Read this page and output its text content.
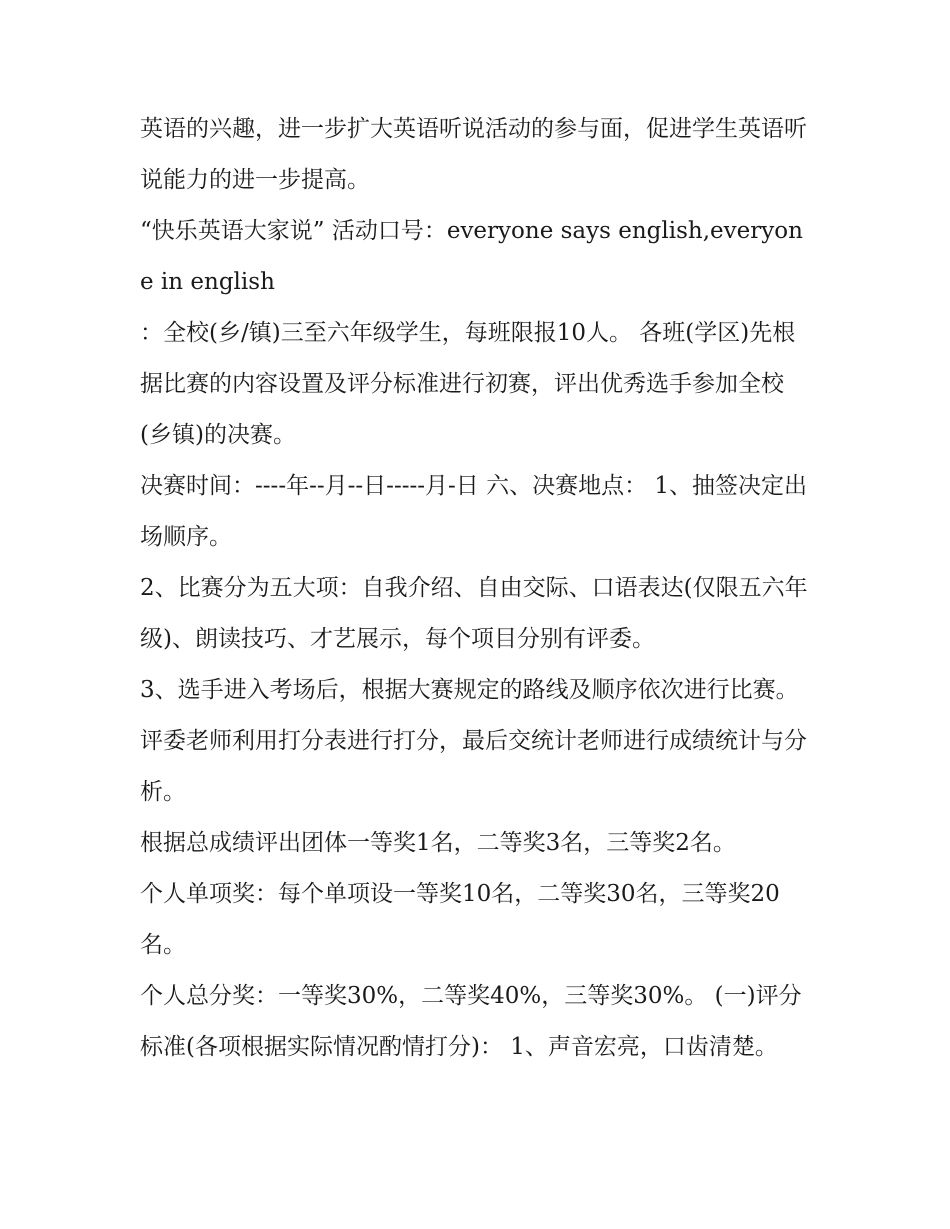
英语的兴趣，进一步扩大英语听说活动的参与面，促进学生英语听说能力的进一步提高。

“快乐英语大家说” 活动口号：everyone says english,everyone in english

：全校(乡/镇)三至六年级学生，每班限报10人。 各班(学区)先根据比赛的内容设置及评分标准进行初赛，评出优秀选手参加全校(乡镇)的决赛。

决赛时间：----年--月--日-----月-日 六、决赛地点： 1、抽签决定出场顺序。

2、比赛分为五大项：自我介绍、自由交际、口语表达(仅限五六年级)、朗读技巧、才艺展示，每个项目分别有评委。

3、选手进入考场后，根据大赛规定的路线及顺序依次进行比赛。评委老师利用打分表进行打分，最后交统计老师进行成绩统计与分析。

根据总成绩评出团体一等奖1名，二等奖3名，三等奖2名。

个人单项奖：每个单项设一等奖10名，二等奖30名，三等奖20名。

个人总分奖：一等奖30%，二等奖40%，三等奖30%。 (一)评分标准(各项根据实际情况酌情打分)： 1、声音宏亮，口齿清楚。
